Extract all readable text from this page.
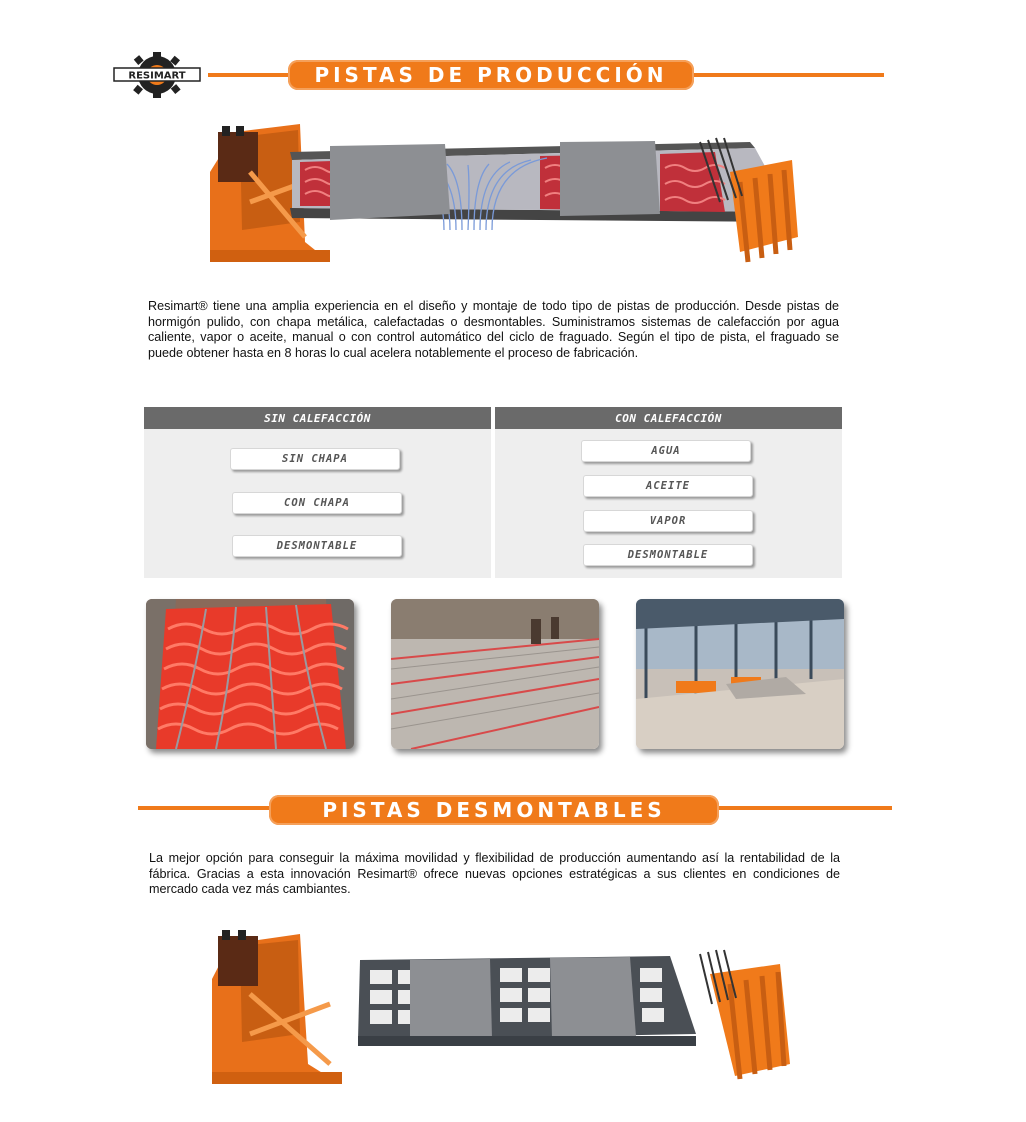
RESIMART	PISTAS DE PRODUCCIÓN

Resimart® tiene una amplia experiencia en el diseño y montaje de todo tipo de pistas de producción. Desde pistas de hormigón pulido, con chapa metálica, calefactadas o desmontables. Suministramos sistemas de calefacción por agua caliente, vapor o aceite, manual o con control automático del ciclo de fraguado. Según el tipo de pista, el fraguado se puede obtener hasta en 8 horas lo cual acelera notablemente el proceso de fabricación.

SIN CALEFACCIÓN
SIN CHAPA
CON CHAPA
DESMONTABLE
CON CALEFACCIÓN
AGUA
ACEITE
VAPOR
DESMONTABLE
PISTAS DESMONTABLES

La mejor opción para conseguir la máxima movilidad y flexibilidad de producción aumentando así la rentabilidad de la fábrica. Gracias a esta innovación Resimart® ofrece nuevas opciones estratégicas a sus clientes en condiciones de mercado cada vez más cambiantes.
